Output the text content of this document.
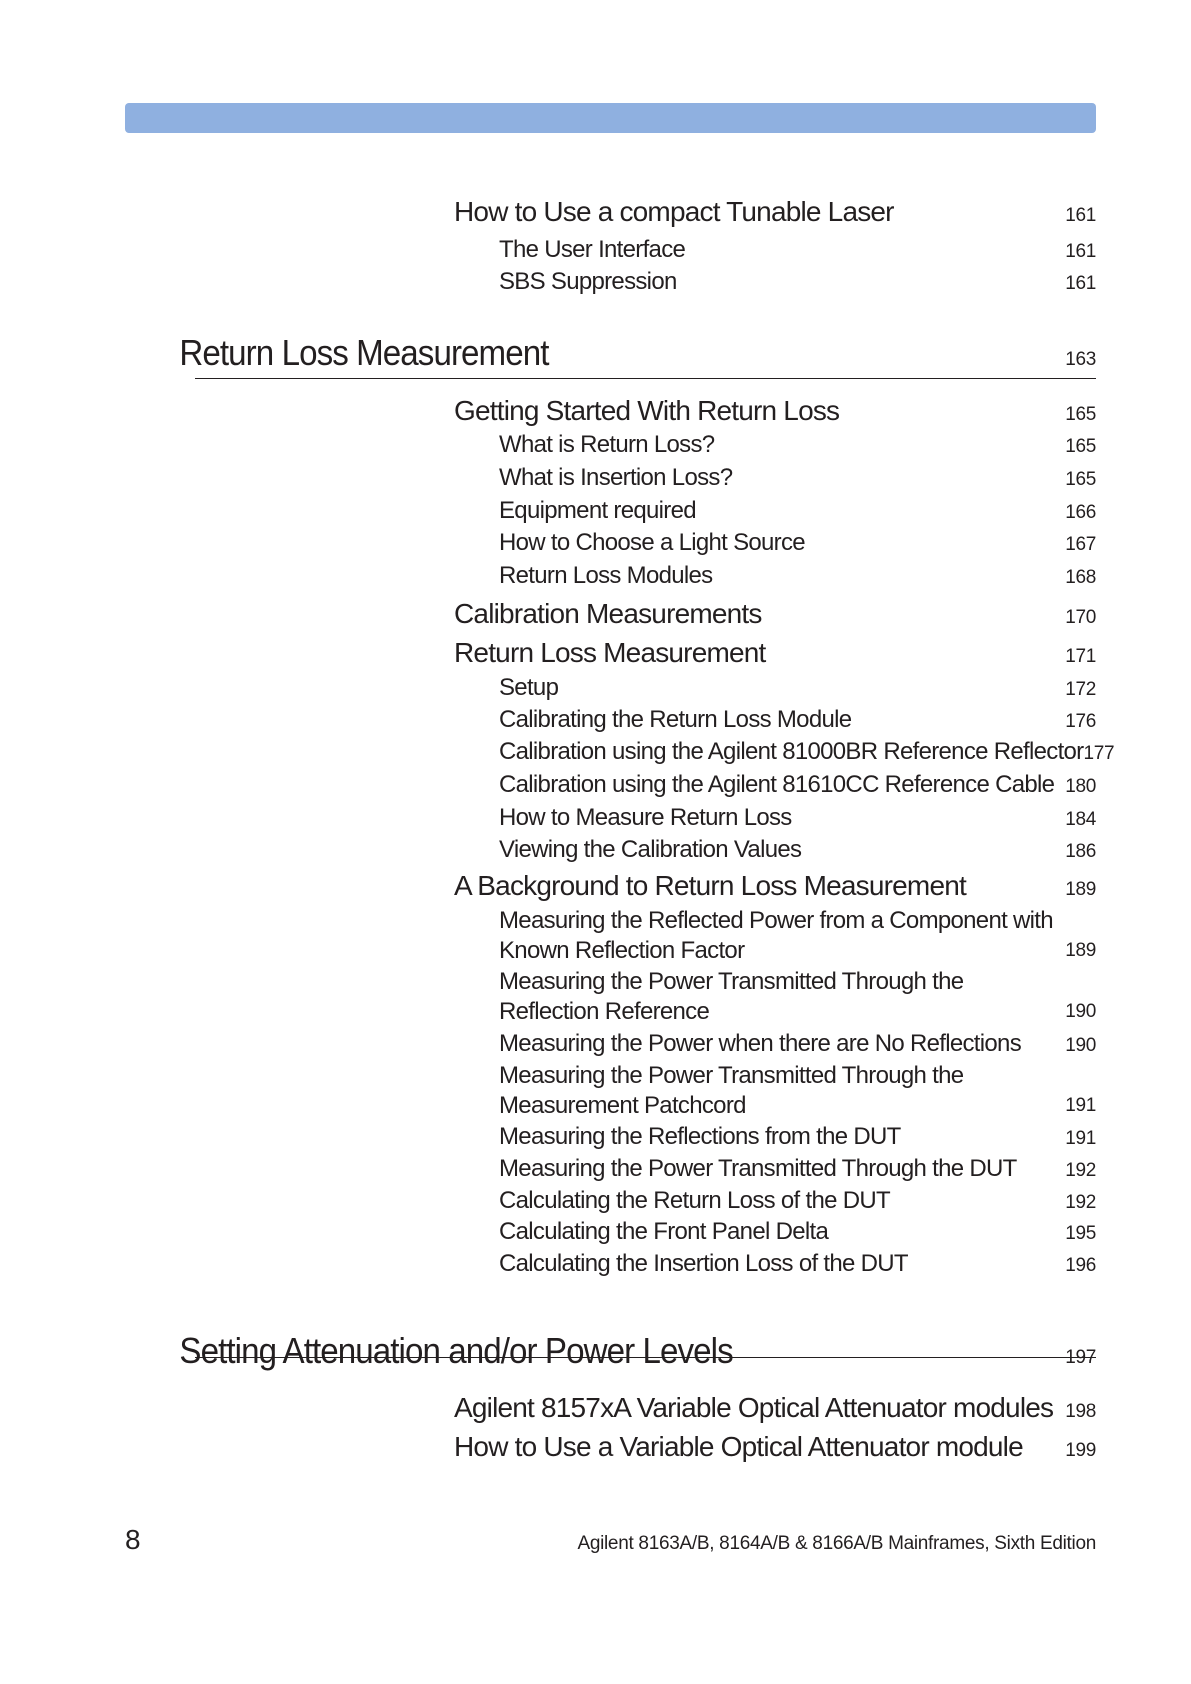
How to Use a compact Tunable Laser	161
The User Interface	161
SBS Suppression	161
Return Loss Measurement	163
Getting Started With Return Loss	165
What is Return Loss?	165
What is Insertion Loss?	165
Equipment required	166
How to Choose a Light Source	167
Return Loss Modules	168
Calibration Measurements	170
Return Loss Measurement	171
Setup	172
Calibrating the Return Loss Module	176
Calibration using the Agilent 81000BR Reference Reflector 177
Calibration using the Agilent 81610CC Reference Cable 180
How to Measure Return Loss	184
Viewing the Calibration Values	186
A Background to Return Loss Measurement	189
Measuring the Reflected Power from a Component with Known Reflection Factor	189
Measuring the Power Transmitted Through the Reflection Reference	190
Measuring the Power when there are No Reflections	190
Measuring the Power Transmitted Through the Measurement Patchcord	191
Measuring the Reflections from the DUT	191
Measuring the Power Transmitted Through the DUT	192
Calculating the Return Loss of the DUT	192
Calculating the Front Panel Delta	195
Calculating the Insertion Loss of the DUT	196
Setting Attenuation and/or Power Levels	197
Agilent 8157xA Variable Optical Attenuator modules 198
How to Use a Variable Optical Attenuator module	199
8	Agilent 8163A/B, 8164A/B & 8166A/B Mainframes, Sixth Edition
